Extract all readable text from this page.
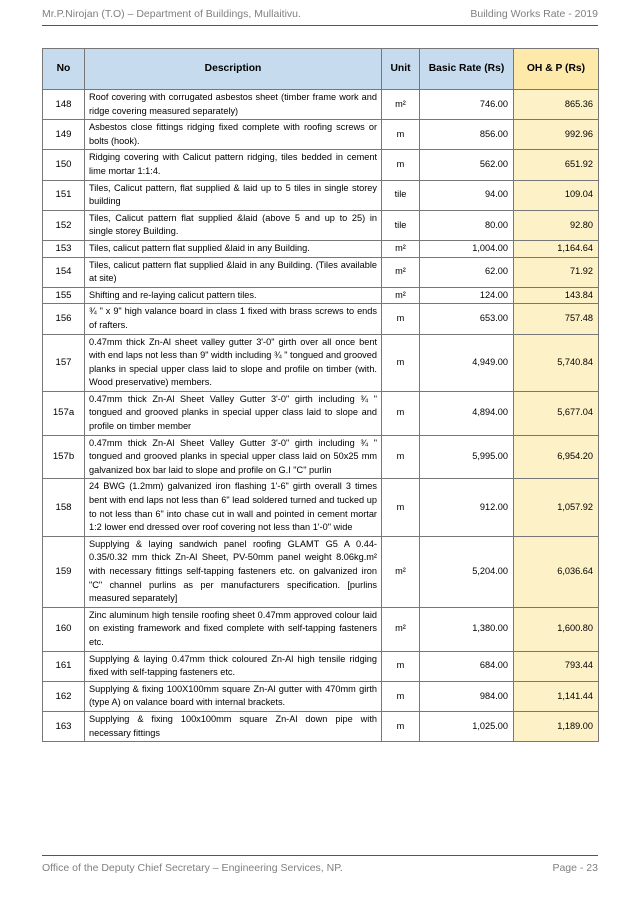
Mr.P.Nirojan (T.O) – Department of Buildings, Mullaitivu.	Building Works Rate - 2019
No	Description	Unit	Basic Rate (Rs)	OH & P (Rs)
148	Roof covering with corrugated asbestos sheet (timber frame work and ridge covering measured separately)	m²	746.00	865.36
149	Asbestos close fittings ridging fixed complete with roofing screws or bolts (hook).	m	856.00	992.96
150	Ridging covering with Calicut pattern ridging, tiles bedded in cement lime mortar 1:1:4.	m	562.00	651.92
151	Tiles, Calicut pattern, flat supplied & laid up to 5 tiles in single storey building	tile	94.00	109.04
152	Tiles, Calicut pattern flat supplied &laid (above 5 and up to 25) in single storey Building.	tile	80.00	92.80
153	Tiles, calicut pattern flat supplied &laid in any Building.	m²	1,004.00	1,164.64
154	Tiles, calicut pattern flat supplied &laid in any Building. (Tiles available at site)	m²	62.00	71.92
155	Shifting and re-laying calicut pattern tiles.	m²	124.00	143.84
156	¾ " x 9" high valance board in class 1 fixed with brass screws to ends of rafters.	m	653.00	757.48
157	0.47mm thick Zn-Al sheet valley gutter 3'-0" girth over all once bent with end laps not less than 9" width including ¾ " tongued and grooved planks in special upper class laid to slope and profile on timber (with. Wood preservative) members.	m	4,949.00	5,740.84
157a	0.47mm thick Zn-Al Sheet Valley Gutter 3'-0" girth including ¾ " tongued and grooved planks in special upper class laid to slope and profile on timber member	m	4,894.00	5,677.04
157b	0.47mm thick Zn-Al Sheet Valley Gutter 3'-0" girth including ¾ " tongued and grooved planks in special upper class laid on 50x25 mm galvanized box bar laid to slope and profile on G.I "C" purlin	m	5,995.00	6,954.20
158	24 BWG (1.2mm) galvanized iron flashing 1'-6" girth overall 3 times bent with end laps not less than 6" lead soldered turned and tucked up to not less than 6" into chase cut in wall and pointed in cement mortar 1:2 lower end dressed over roof covering not less than 1'-0" wide	m	912.00	1,057.92
159	Supplying & laying sandwich panel roofing GLAMT G5 A 0.44-0.35/0.32 mm thick Zn-Al Sheet, PV-50mm panel weight 8.06kg.m² with necessary fittings self-tapping fasteners etc. on galvanized iron "C" channel purlins as per manufacturers specification. [purlins measured separately]	m²	5,204.00	6,036.64
160	Zinc aluminum high tensile roofing sheet 0.47mm approved colour laid on existing framework and fixed complete with self-tapping fasteners etc.	m²	1,380.00	1,600.80
161	Supplying & laying 0.47mm thick coloured Zn-Al high tensile ridging fixed with self-tapping fasteners etc.	m	684.00	793.44
162	Supplying & fixing 100X100mm square Zn-Al gutter with 470mm girth (type A) on valance board with internal brackets.	m	984.00	1,141.44
163	Supplying & fixing 100x100mm square Zn-Al down pipe with necessary fittings	m	1,025.00	1,189.00
Office of the Deputy Chief Secretary – Engineering Services, NP.	Page - 23
